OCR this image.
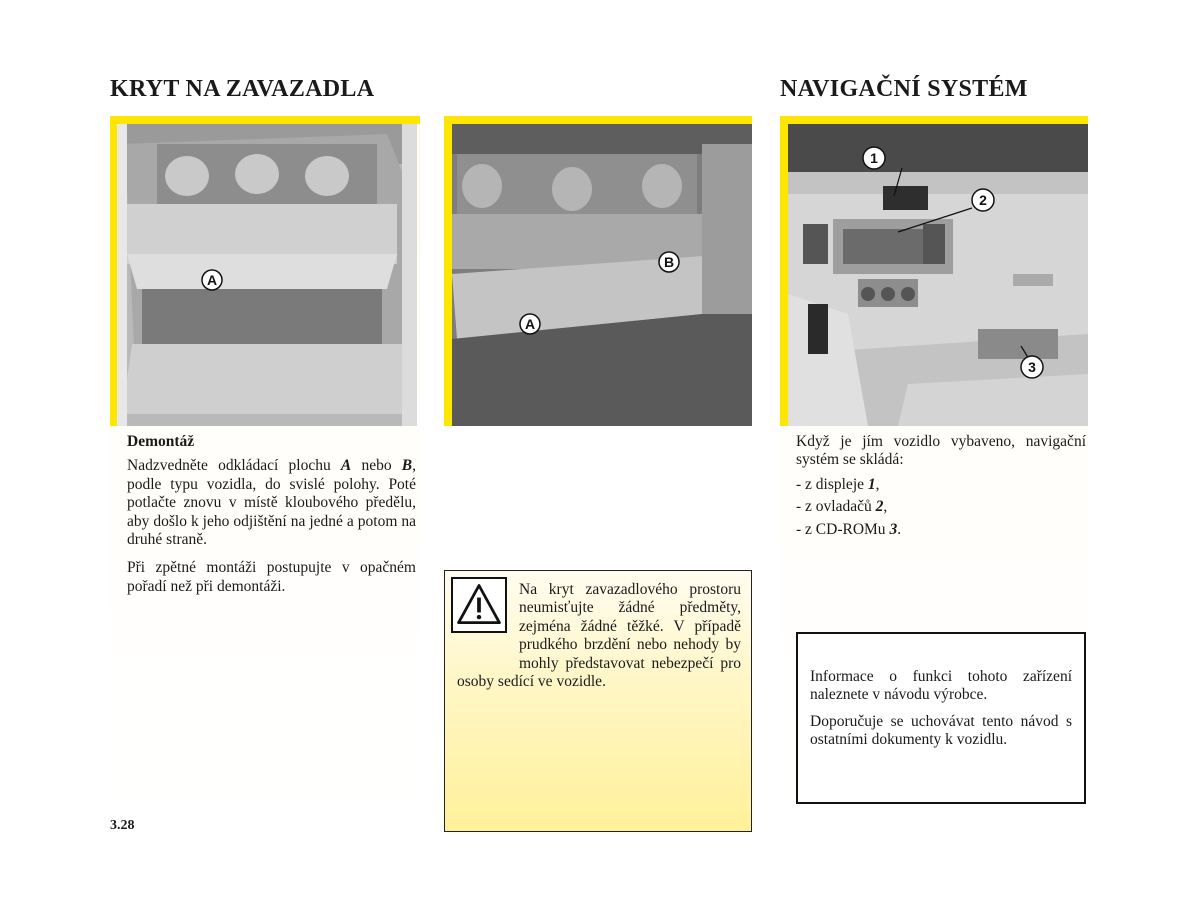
KRYT NA ZAVAZADLA	NAVIGAČNÍ SYSTÉM
A
B
A
1
2
3

Demontáž

Nadzvedněte odkládací plochu A nebo B, podle typu vozidla, do svislé polohy. Poté potlačte znovu v místě kloubového předělu, aby došlo k jeho odjištění na jedné a potom na druhé straně.

Při zpětné montáži postupujte v opačném pořadí než při demontáži.	Na kryt zavazadlového prostoru neumisťujte žádné předměty, zejména žádné těžké. V případě prudkého brzdění nebo nehody by mohly představovat nebezpečí pro osoby sedící ve vozidle.

Když je jím vozidlo vybaveno, navigační systém se skládá:

- z displeje 1,
- z ovladačů 2,
- z CD-ROMu 3.

Informace o funkci tohoto zařízení naleznete v návodu výrobce.

Doporučuje se uchovávat tento návod s ostatními dokumenty k vozidlu.

3.28
